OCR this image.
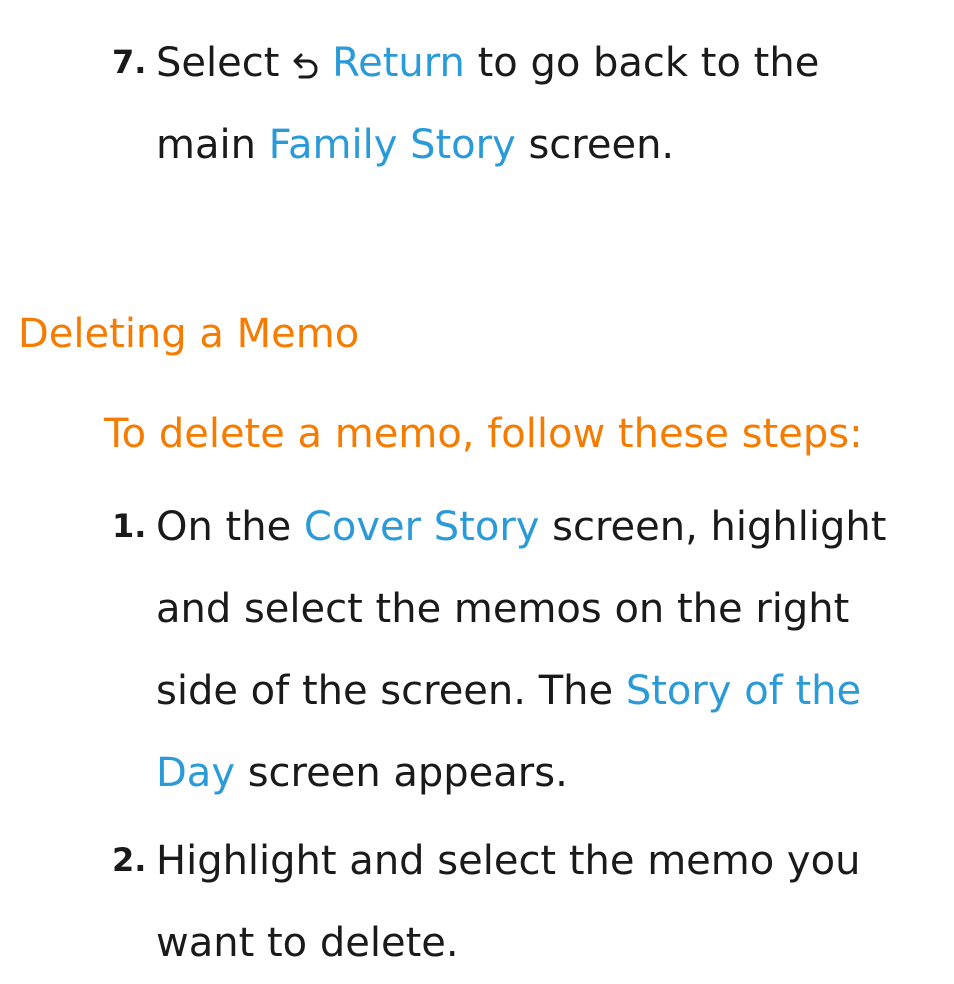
7. Select Return to go back to the main Family Story screen.
Deleting a Memo

To delete a memo, follow these steps:

1. On the Cover Story screen, highlight and select the memos on the right side of the screen. The Story of the Day screen appears.
2. Highlight and select the memo you want to delete.
